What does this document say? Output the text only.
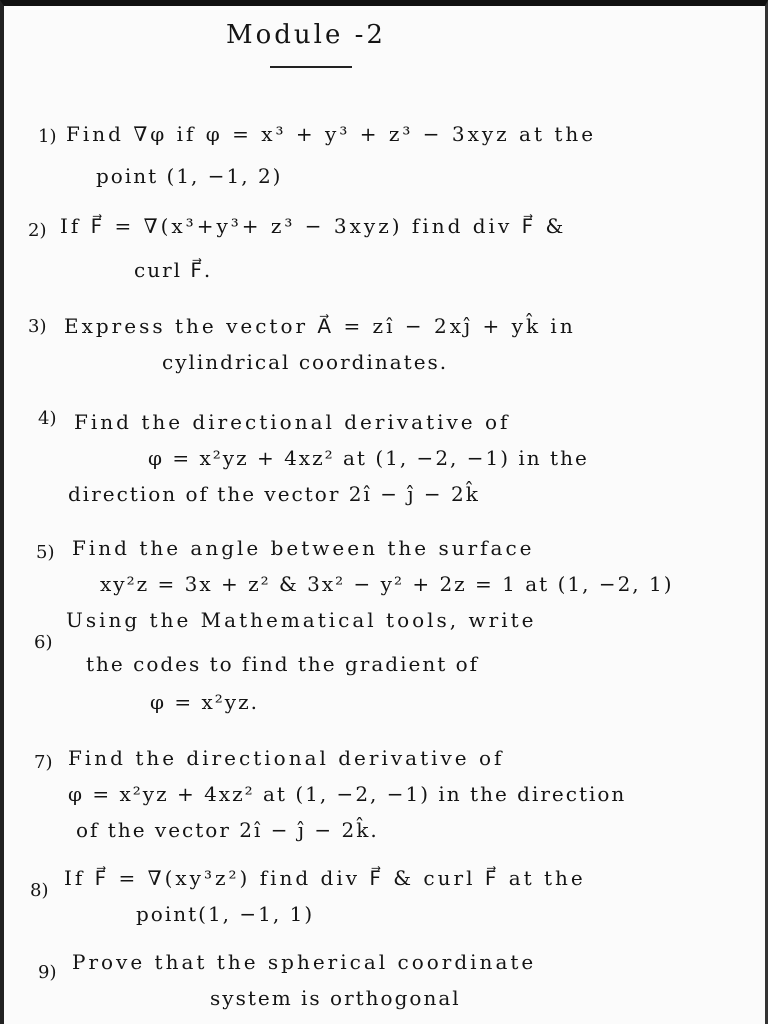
Module -2
1) Find ∇φ if φ = x³ + y³ + z³ − 3xyz at the
point (1, −1, 2)
2) If F⃗ = ∇(x³+y³+ z³ − 3xyz) find div F⃗ &
curl F⃗.
3) Express the vector A⃗ = zî − 2xĵ + yk̂ in
cylindrical coordinates.
4) Find the directional derivative of
φ = x²yz + 4xz² at (1, −2, −1) in the
direction of the vector 2î − ĵ − 2k̂
5) Find the angle between the surface
xy²z = 3x + z² & 3x² − y² + 2z = 1 at (1, −2, 1)
6)
Using the Mathematical tools, write
the codes to find the gradient of
φ = x²yz.
7) Find the directional derivative of
φ = x²yz + 4xz² at (1, −2, −1) in the direction
of the vector 2î − ĵ − 2k̂.
8)
If F⃗ = ∇(xy³z²) find div F⃗ & curl F⃗ at the
point(1, −1, 1)
9) Prove that the spherical coordinate
system is orthogonal
